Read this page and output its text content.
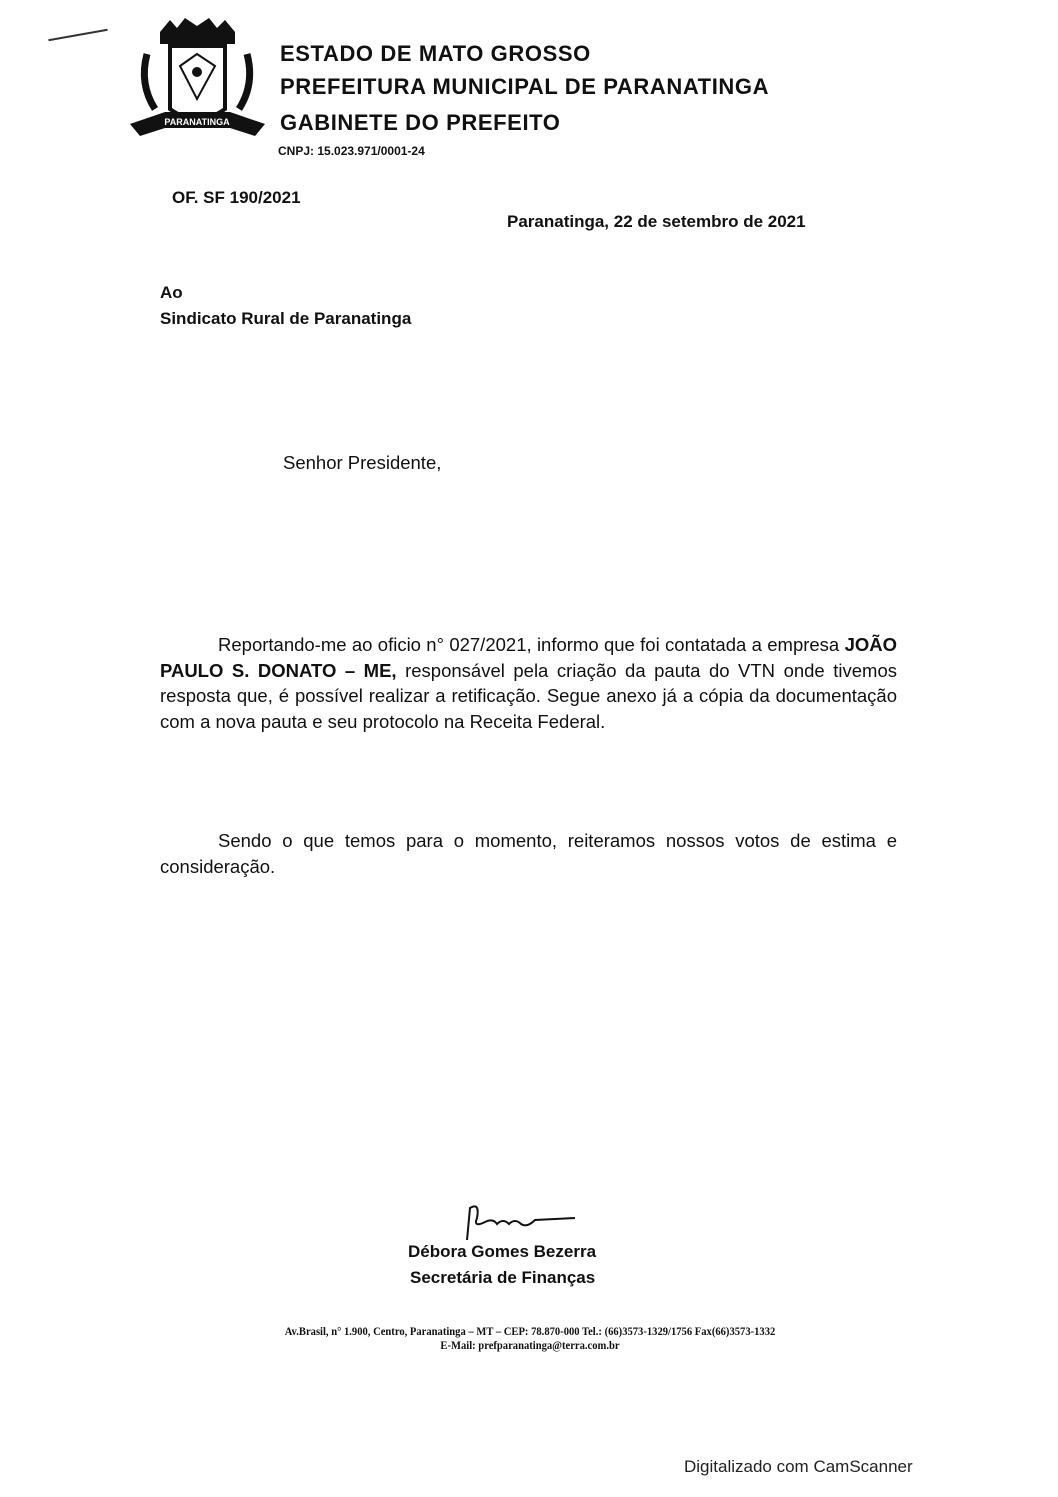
PARANATINGA
ESTADO DE MATO GROSSO
PREFEITURA MUNICIPAL DE PARANATINGA
GABINETE DO PREFEITO
CNPJ: 15.023.971/0001-24
OF. SF 190/2021
Paranatinga, 22 de setembro de 2021
Ao
Sindicato Rural de Paranatinga
Senhor Presidente,
Reportando-me ao oficio n° 027/2021, informo que foi contatada a empresa JOÃO PAULO S. DONATO – ME, responsável pela criação da pauta do VTN onde tivemos resposta que, é possível realizar a retificação. Segue anexo já a cópia da documentação com a nova pauta e seu protocolo na Receita Federal.
Sendo o que temos para o momento, reiteramos nossos votos de estima e consideração.
Débora Gomes Bezerra
Secretária de Finanças
Av.Brasil, n° 1.900, Centro, Paranatinga – MT – CEP: 78.870-000 Tel.: (66)3573-1329/1756 Fax(66)3573-1332
E-Mail: prefparanatinga@terra.com.br
Digitalizado com CamScanner
